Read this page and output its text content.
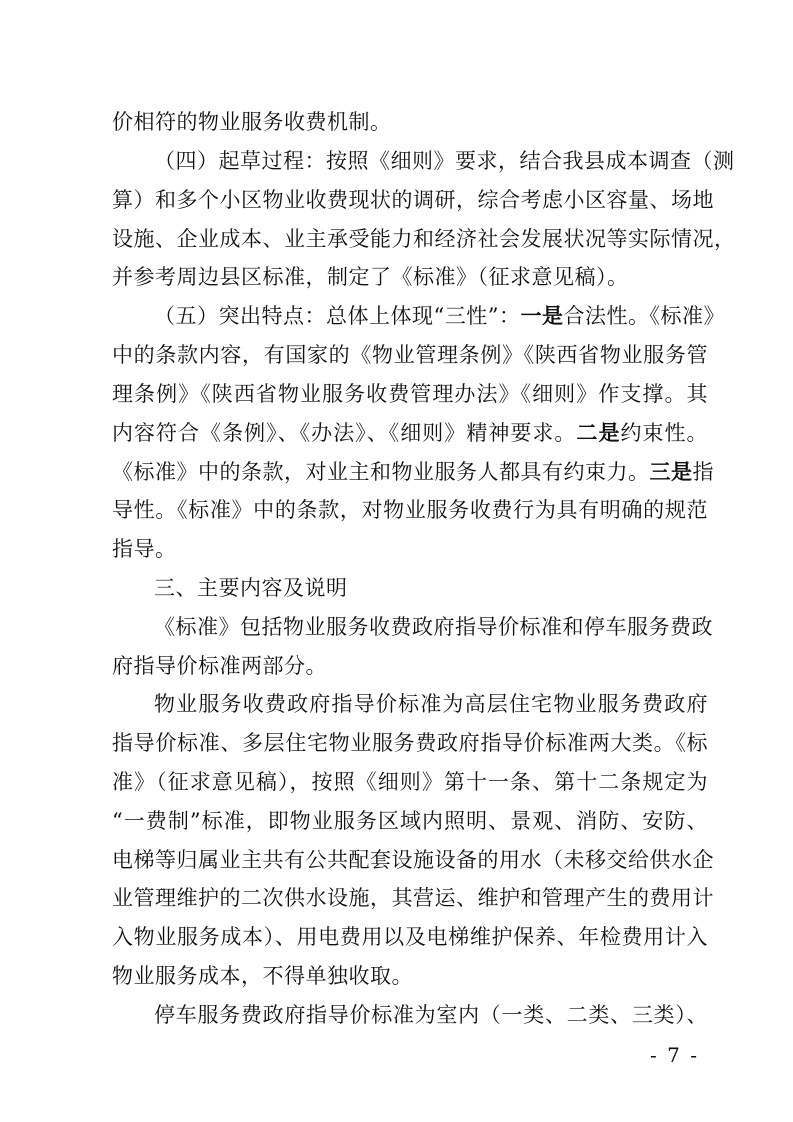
价相符的物业服务收费机制。
（四）起草过程：按照《细则》要求，结合我县成本调查（测
算）和多个小区物业收费现状的调研，综合考虑小区容量、场地
设施、企业成本、业主承受能力和经济社会发展状况等实际情况，
并参考周边县区标准，制定了《标准》（征求意见稿）。
（五）突出特点：总体上体现“三性”：一是合法性。《标准》
中的条款内容，有国家的《物业管理条例》《陕西省物业服务管
理条例》《陕西省物业服务收费管理办法》《细则》作支撑。其
内容符合《条例》、《办法》、《细则》精神要求。二是约束性。
《标准》中的条款，对业主和物业服务人都具有约束力。三是指
导性。《标准》中的条款，对物业服务收费行为具有明确的规范
指导。
三、主要内容及说明
《标准》包括物业服务收费政府指导价标准和停车服务费政
府指导价标准两部分。
物业服务收费政府指导价标准为高层住宅物业服务费政府
指导价标准、多层住宅物业服务费政府指导价标准两大类。《标
准》（征求意见稿），按照《细则》第十一条、第十二条规定为
“一费制”标准，即物业服务区域内照明、景观、消防、安防、
电梯等归属业主共有公共配套设施设备的用水（未移交给供水企
业管理维护的二次供水设施，其营运、维护和管理产生的费用计
入物业服务成本）、用电费用以及电梯维护保养、年检费用计入
物业服务成本，不得单独收取。
停车服务费政府指导价标准为室内（一类、二类、三类）、
- 7 -
